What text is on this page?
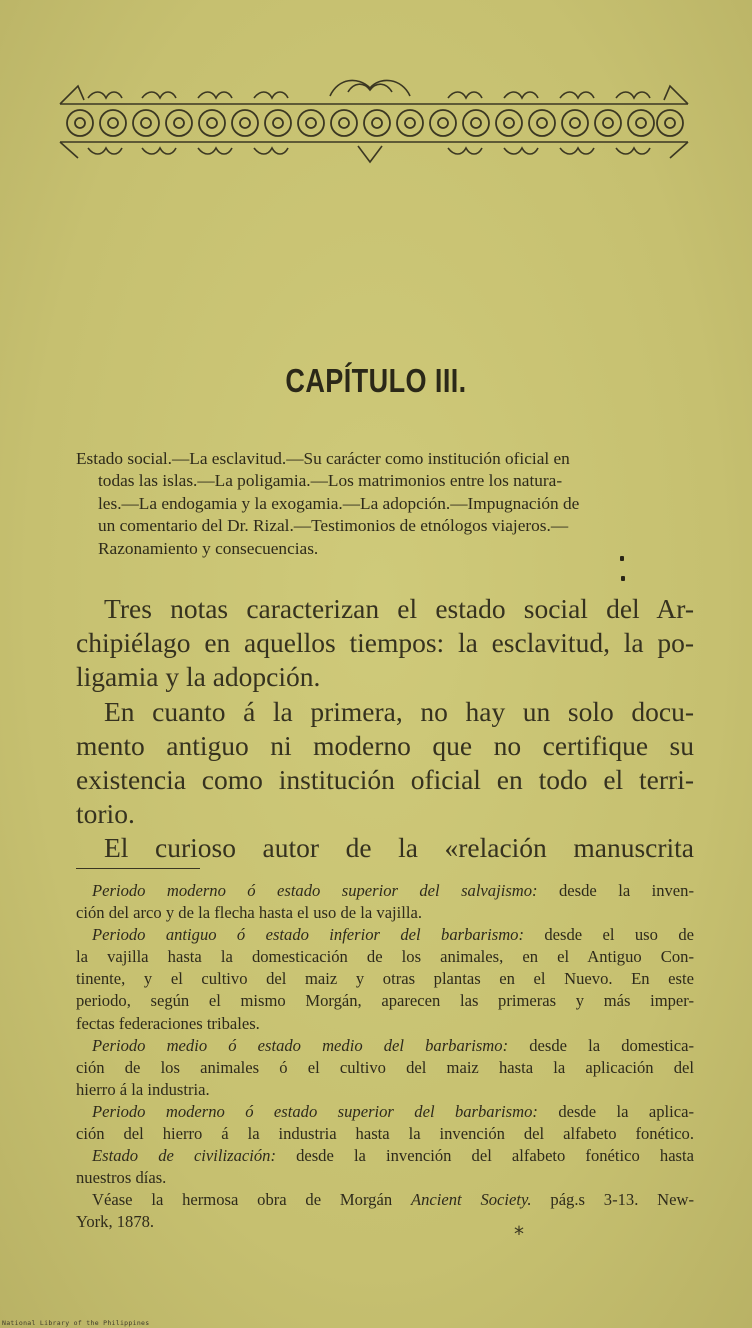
CAPÍTULO III.
Estado social.—La esclavitud.—Su carácter como institución oficial en
todas las islas.—La poligamia.—Los matrimonios entre los natura-
les.—La endogamia y la exogamia.—La adopción.—Impugnación de
un comentario del Dr. Rizal.—Testimonios de etnólogos viajeros.—
Razonamiento y consecuencias.
Tres notas caracterizan el estado social del Ar-
chipiélago en aquellos tiempos: la esclavitud, la po-
ligamia y la adopción.
En cuanto á la primera, no hay un solo docu-
mento antiguo ni moderno que no certifique su
existencia como institución oficial en todo el terri-
torio.
El curioso autor de la «relación manuscrita
Periodo moderno ó estado superior del salvajismo: desde la inven-
ción del arco y de la flecha hasta el uso de la vajilla.
Periodo antiguo ó estado inferior del barbarismo: desde el uso de
la vajilla hasta la domesticación de los animales, en el Antiguo Con-
tinente, y el cultivo del maiz y otras plantas en el Nuevo. En este
periodo, según el mismo Morgán, aparecen las primeras y más imper-
fectas federaciones tribales.
Periodo medio ó estado medio del barbarismo: desde la domestica-
ción de los animales ó el cultivo del maiz hasta la aplicación del
hierro á la industria.
Periodo moderno ó estado superior del barbarismo: desde la aplica-
ción del hierro á la industria hasta la invención del alfabeto fonético.
Estado de civilización: desde la invención del alfabeto fonético hasta
nuestros días.
Véase la hermosa obra de Morgán Ancient Society. pág.s 3-13. New-
York, 1878.
*
National Library of the Philippines
